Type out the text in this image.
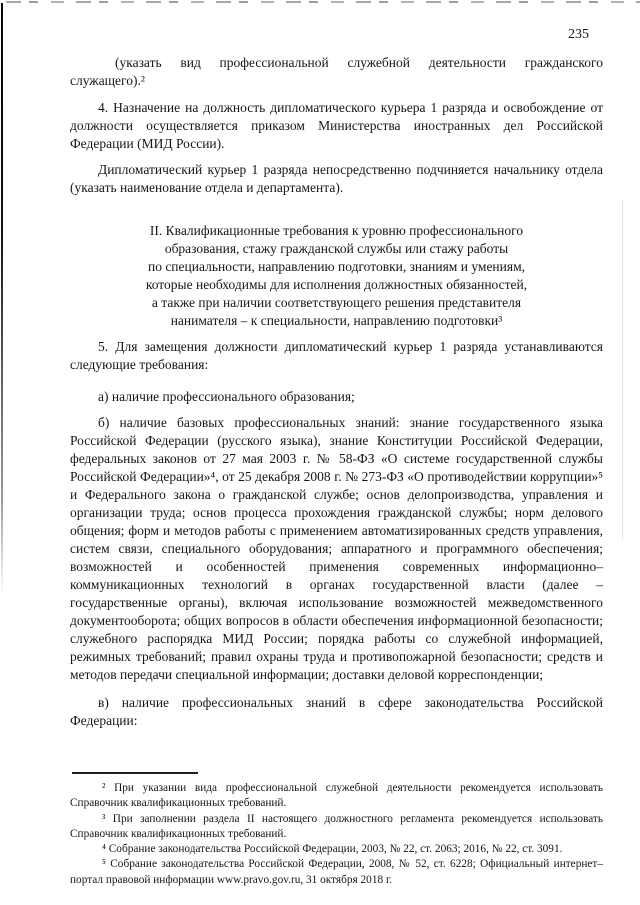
235

(указать вид профессиональной служебной деятельности гражданского служащего).²

4. Назначение на должность дипломатического курьера 1 разряда и освобождение от должности осуществляется приказом Министерства иностранных дел Российской Федерации (МИД России).

Дипломатический курьер 1 разряда непосредственно подчиняется начальнику отдела (указать наименование отдела и департамента).

II. Квалификационные требования к уровню профессионального
образования, стажу гражданской службы или стажу работы
по специальности, направлению подготовки, знаниям и умениям,
которые необходимы для исполнения должностных обязанностей,
а также при наличии соответствующего решения представителя
нанимателя – к специальности, направлению подготовки³

5. Для замещения должности дипломатический курьер 1 разряда устанавливаются следующие требования:

а) наличие профессионального образования;

б) наличие базовых профессиональных знаний: знание государственного языка Российской Федерации (русского языка), знание Конституции Российской Федерации, федеральных законов от 27 мая 2003 г. № 58-ФЗ «О системе государственной службы Российской Федерации»⁴, от 25 декабря 2008 г. № 273-ФЗ «О противодействии коррупции»⁵ и Федерального закона о гражданской службе; основ делопроизводства, управления и организации труда; основ процесса прохождения гражданской службы; норм делового общения; форм и методов работы с применением автоматизированных средств управления, систем связи, специального оборудования; аппаратного и программного обеспечения; возможностей и особенностей применения современных информационно–коммуникационных технологий в органах государственной власти (далее – государственные органы), включая использование возможностей межведомственного документооборота; общих вопросов в области обеспечения информационной безопасности; служебного распорядка МИД России; порядка работы со служебной информацией, режимных требований; правил охраны труда и противопожарной безопасности; средств и методов передачи специальной информации; доставки деловой корреспонденции;

в) наличие профессиональных знаний в сфере законодательства Российской Федерации:

² При указании вида профессиональной служебной деятельности рекомендуется использовать Справочник квалификационных требований.

³ При заполнении раздела II настоящего должностного регламента рекомендуется использовать Справочник квалификационных требований.

⁴ Собрание законодательства Российской Федерации, 2003, № 22, ст. 2063; 2016, № 22, ст. 3091.

⁵ Собрание законодательства Российской Федерации, 2008, № 52, ст. 6228; Официальный интернет–портал правовой информации www.pravo.gov.ru, 31 октября 2018 г.
